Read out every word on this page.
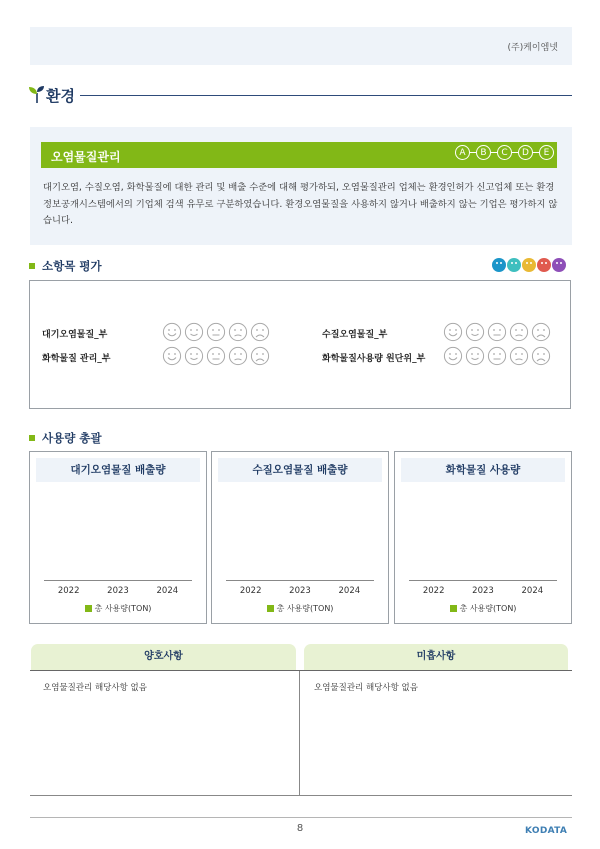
(주)케이엠넷
환경
오염물질관리	A	B	C	D	E
대기오염, 수질오염, 화학물질에 대한 관리 및 배출 수준에 대해 평가하되, 오염물질관리 업체는 환경인허가 신고업체 또는 환경정보공개시스템에서의 기업체 검색 유무로 구분하였습니다. 환경오염물질을 사용하지 않거나 배출하지 않는 기업은 평가하지 않습니다.
소항목 평가
대기오염물질_부	수질오염물질_부
화학물질 관리_부	화학물질사용량 원단위_부
사용량 총괄
대기오염물질 배출량
2022	2023	2024
총 사용량(TON)
수질오염물질 배출량
2022	2023	2024
총 사용량(TON)
화학물질 사용량
2022	2023	2024
총 사용량(TON)
양호사항	미흡사항
오염물질관리 해당사항 없음	오염물질관리 해당사항 없음
8	KODATA
